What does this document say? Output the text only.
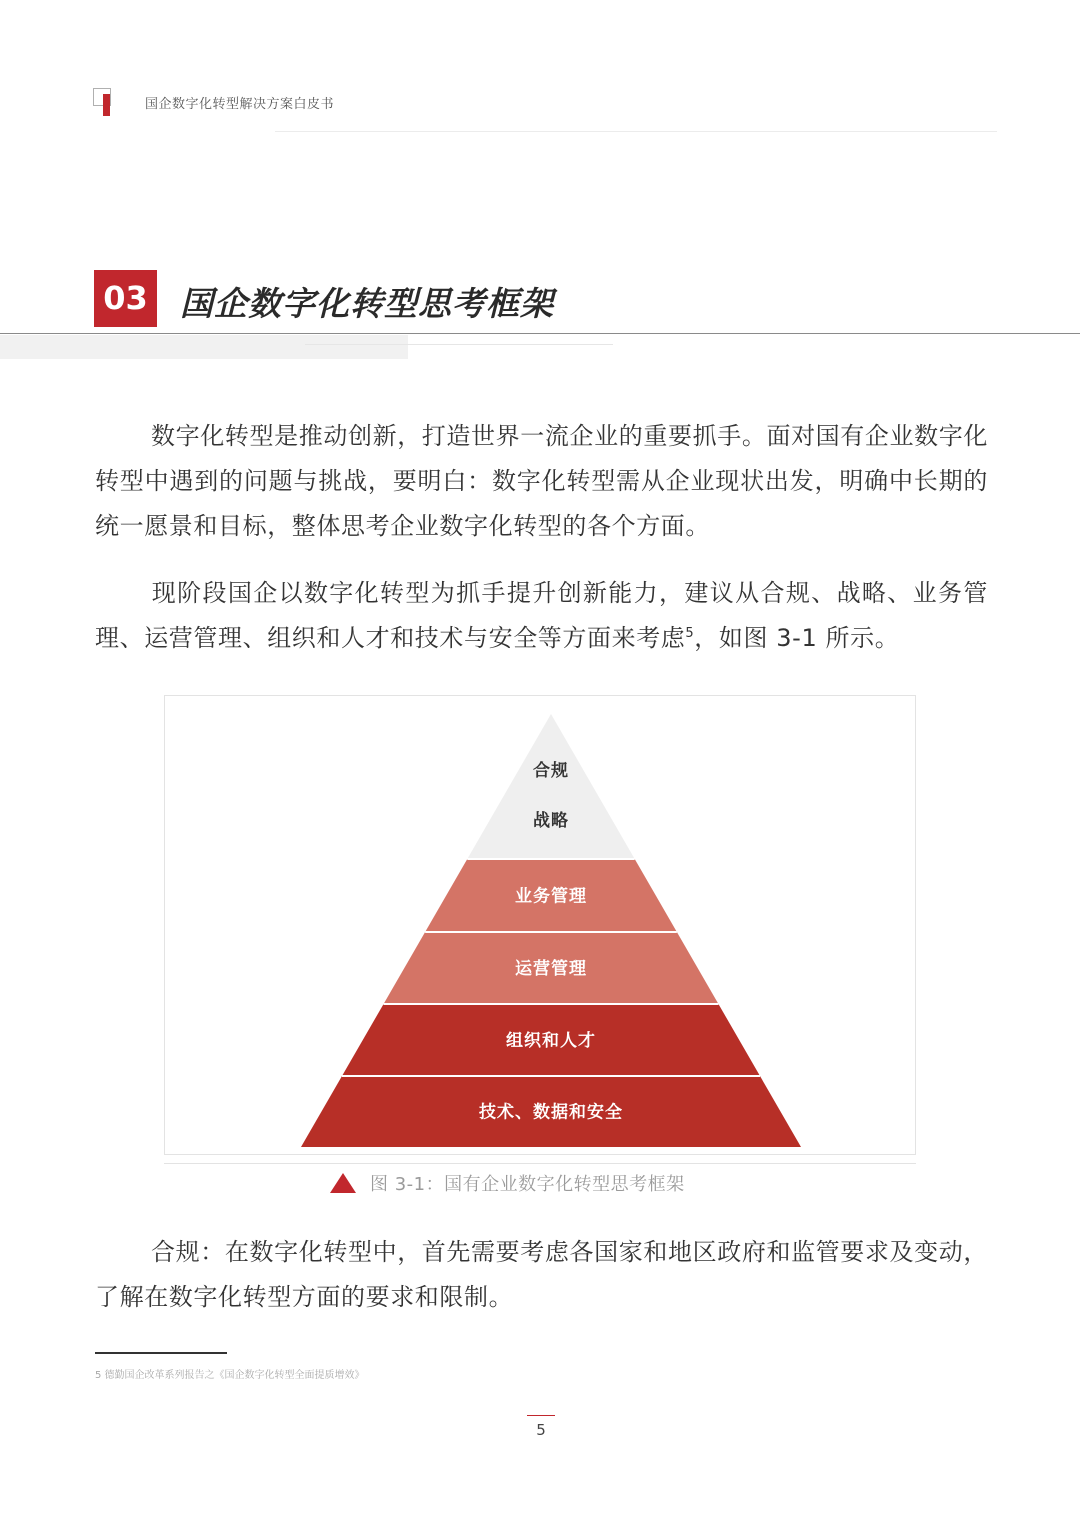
国企数字化转型解决方案白皮书
03 国企数字化转型思考框架

数字化转型是推动创新，打造世界一流企业的重要抓手。面对国有企业数字化转型中遇到的问题与挑战，要明白：数字化转型需从企业现状出发，明确中长期的统一愿景和目标，整体思考企业数字化转型的各个方面。

现阶段国企以数字化转型为抓手提升创新能力，建议从合规、战略、业务管理、运营管理、组织和人才和技术与安全等方面来考虑$^5$，如图 3-1 所示。

合规
战略
业务管理
运营管理
组织和人才
技术、数据和安全
图 3-1：国有企业数字化转型思考框架

合规：在数字化转型中，首先需要考虑各国家和地区政府和监管要求及变动，了解在数字化转型方面的要求和限制。

5 德勤国企改革系列报告之《国企数字化转型全面提质增效》
5
